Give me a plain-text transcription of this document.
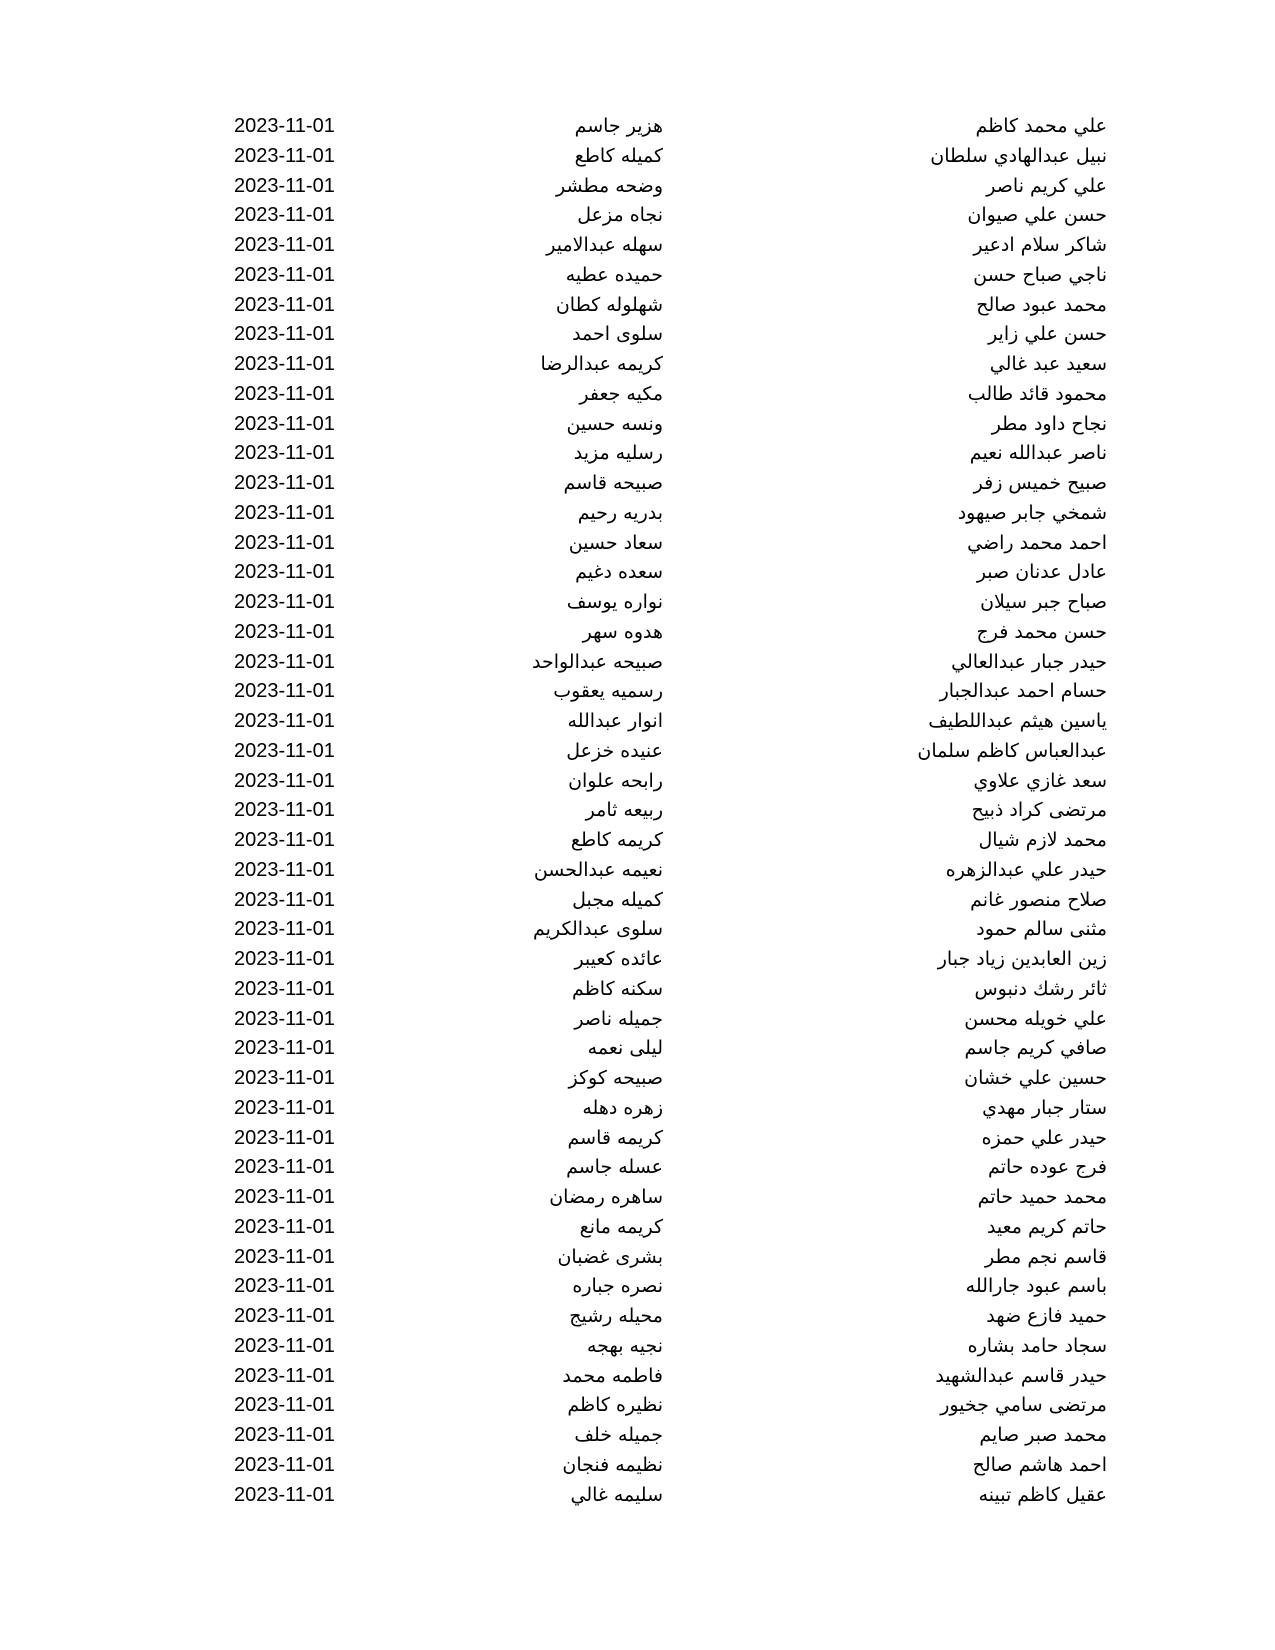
علي محمد كاظم
هزير جاسم
2023-11-01
نبيل عبدالهادي سلطان
كميله كاطع
2023-11-01
علي كريم ناصر
وضحه مطشر
2023-11-01
حسن علي صيوان
نجاه مزعل
2023-11-01
شاكر سلام ادعير
سهله عبدالامير
2023-11-01
ناجي صباح حسن
حميده عطيه
2023-11-01
محمد عبود صالح
شهلوله كطان
2023-11-01
حسن علي زاير
سلوى احمد
2023-11-01
سعيد عبد غالي
كريمه عبدالرضا
2023-11-01
محمود قائد طالب
مكيه جعفر
2023-11-01
نجاح داود مطر
ونسه حسين
2023-11-01
ناصر عبدالله نعيم
رسليه مزيد
2023-11-01
صبيح خميس زفر
صبيحه قاسم
2023-11-01
شمخي جابر صيهود
بدريه رحيم
2023-11-01
احمد محمد راضي
سعاد حسين
2023-11-01
عادل عدنان صبر
سعده دغيم
2023-11-01
صباح جبر سيلان
نواره يوسف
2023-11-01
حسن محمد فرج
هدوه سهر
2023-11-01
حيدر جبار عبدالعالي
صبيحه عبدالواحد
2023-11-01
حسام احمد عبدالجبار
رسميه يعقوب
2023-11-01
ياسين هيثم عبداللطيف
انوار عبدالله
2023-11-01
عبدالعباس كاظم سلمان
عنيده خزعل
2023-11-01
سعد غازي علاوي
رابحه علوان
2023-11-01
مرتضى كراد ذبيح
ربيعه ثامر
2023-11-01
محمد لازم شيال
كريمه كاطع
2023-11-01
حيدر علي عبدالزهره
نعيمه عبدالحسن
2023-11-01
صلاح منصور غانم
كميله مجبل
2023-11-01
مثنى سالم حمود
سلوى عبدالكريم
2023-11-01
زين العابدين زياد جبار
عائده كعيبر
2023-11-01
ثائر رشك دنبوس
سكنه كاظم
2023-11-01
علي خويله محسن
جميله ناصر
2023-11-01
صافي كريم جاسم
ليلى نعمه
2023-11-01
حسين علي خشان
صبيحه كوكز
2023-11-01
ستار جبار مهدي
زهره دهله
2023-11-01
حيدر علي حمزه
كريمه قاسم
2023-11-01
فرج عوده حاتم
عسله جاسم
2023-11-01
محمد حميد حاتم
ساهره رمضان
2023-11-01
حاتم كريم معيد
كريمه مانع
2023-11-01
قاسم نجم مطر
بشرى غضبان
2023-11-01
باسم عبود جارالله
نصره جباره
2023-11-01
حميد فازع ضهد
محيله رشيج
2023-11-01
سجاد حامد بشاره
نجيه بهجه
2023-11-01
حيدر قاسم عبدالشهيد
فاطمه محمد
2023-11-01
مرتضى سامي جخيور
نظيره كاظم
2023-11-01
محمد صبر صايم
جميله خلف
2023-11-01
احمد هاشم صالح
نظيمه فنجان
2023-11-01
عقيل كاظم تبينه
سليمه غالي
2023-11-01
